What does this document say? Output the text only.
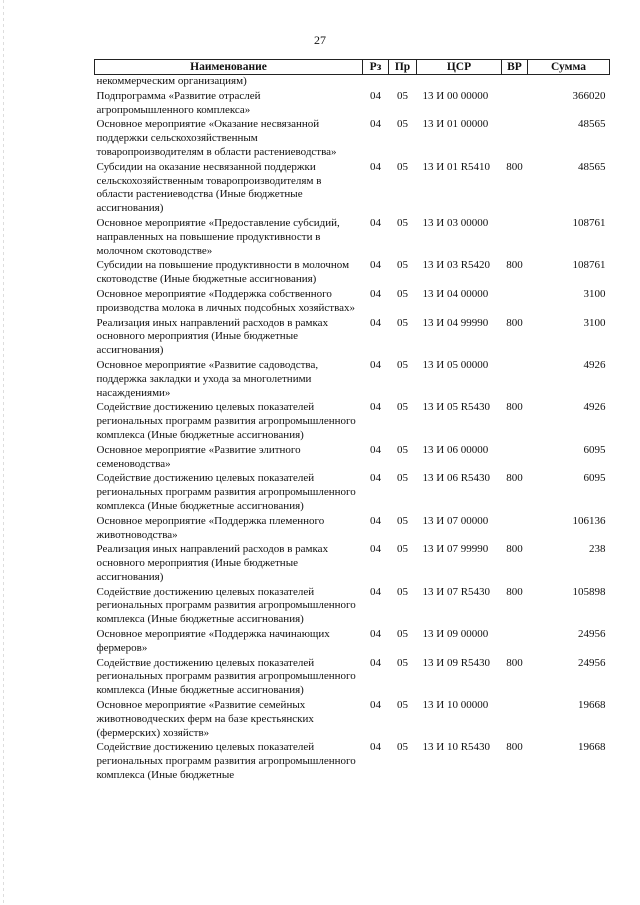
27
Наименование	Рз	Пр	ЦСР	ВР	Сумма
некоммерческим организациям)					
Подпрограмма «Развитие отраслей агропромышленного комплекса»	04	05	13 И 00 00000		366020
Основное мероприятие «Оказание несвязанной поддержки сельскохозяйственным товаропроизводителям в области растениеводства»	04	05	13 И 01 00000		48565
Субсидии на оказание несвязанной поддержки сельскохозяйственным товаропроизводителям в области растениеводства (Иные бюджетные ассигнования)	04	05	13 И 01 R5410	800	48565
Основное мероприятие «Предоставление субсидий, направленных на повышение продуктивности в молочном скотоводстве»	04	05	13 И 03 00000		108761
Субсидии на повышение продуктивности в молочном скотоводстве (Иные бюджетные ассигнования)	04	05	13 И 03 R5420	800	108761
Основное мероприятие «Поддержка собственного производства молока в личных подсобных хозяйствах»	04	05	13 И 04 00000		3100
Реализация иных направлений расходов в рамках основного мероприятия (Иные бюджетные ассигнования)	04	05	13 И 04 99990	800	3100
Основное мероприятие «Развитие садоводства, поддержка закладки и ухода за многолетними насаждениями»	04	05	13 И 05 00000		4926
Содействие достижению целевых показателей региональных программ развития агропромышленного комплекса (Иные бюджетные ассигнования)	04	05	13 И 05 R5430	800	4926
Основное мероприятие «Развитие элитного семеноводства»	04	05	13 И 06 00000		6095
Содействие достижению целевых показателей региональных программ развития агропромышленного комплекса (Иные бюджетные ассигнования)	04	05	13 И 06 R5430	800	6095
Основное мероприятие «Поддержка племенного животноводства»	04	05	13 И 07 00000		106136
Реализация иных направлений расходов в рамках основного мероприятия (Иные бюджетные ассигнования)	04	05	13 И 07 99990	800	238
Содействие достижению целевых показателей региональных программ развития агропромышленного комплекса (Иные бюджетные ассигнования)	04	05	13 И 07 R5430	800	105898
Основное мероприятие «Поддержка начинающих фермеров»	04	05	13 И 09 00000		24956
Содействие достижению целевых показателей региональных программ развития агропромышленного комплекса (Иные бюджетные ассигнования)	04	05	13 И 09 R5430	800	24956
Основное мероприятие «Развитие семейных животноводческих ферм на базе крестьянских (фермерских) хозяйств»	04	05	13 И 10 00000		19668
Содействие достижению целевых показателей региональных программ развития агропромышленного комплекса (Иные бюджетные	04	05	13 И 10 R5430	800	19668
